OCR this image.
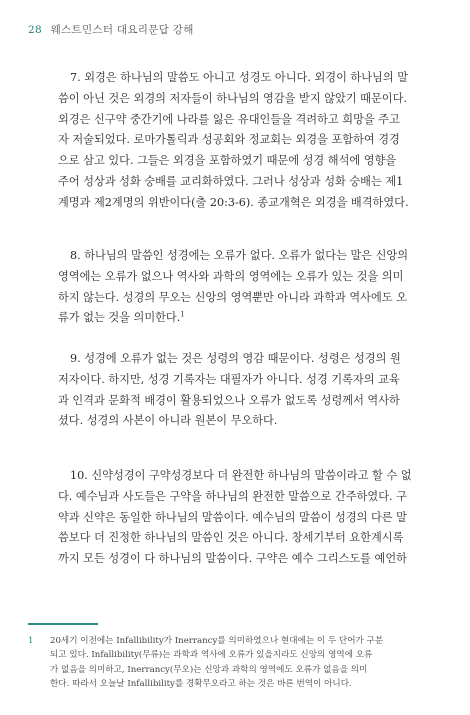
28 웨스트민스터 대요리문답 강해
7. 외경은 하나님의 말씀도 아니고 성경도 아니다. 외경이 하나님의 말
씀이 아닌 것은 외경의 저자들이 하나님의 영감을 받지 않았기 때문이다.
외경은 신구약 중간기에 나라를 잃은 유대인들을 격려하고 희망을 주고
자 저술되었다. 로마가톨릭과 성공회와 정교회는 외경을 포함하여 경경
으로 삼고 있다. 그들은 외경을 포함하였기 때문에 성경 해석에 영향을
주어 성상과 성화 숭배를 교리화하였다. 그러나 성상과 성화 숭배는 제1
계명과 제2계명의 위반이다(출 20:3-6). 종교개혁은 외경을 배격하였다.
8. 하나님의 말씀인 성경에는 오류가 없다. 오류가 없다는 말은 신앙의
영역에는 오류가 없으나 역사와 과학의 영역에는 오류가 있는 것을 의미
하지 않는다. 성경의 무오는 신앙의 영역뿐만 아니라 과학과 역사에도 오
류가 없는 것을 의미한다.$^1$
9. 성경에 오류가 없는 것은 성령의 영감 때문이다. 성령은 성경의 원
저자이다. 하지만, 성경 기록자는 대필자가 아니다. 성경 기록자의 교육
과 인격과 문화적 배경이 활용되었으나 오류가 없도록 성령께서 역사하
셨다. 성경의 사본이 아니라 원본이 무오하다.
10. 신약성경이 구약성경보다 더 완전한 하나님의 말씀이라고 할 수 없
다. 예수님과 사도들은 구약을 하나님의 완전한 말씀으로 간주하였다. 구
약과 신약은 동일한 하나님의 말씀이다. 예수님의 말씀이 성경의 다른 말
씀보다 더 진정한 하나님의 말씀인 것은 아니다. 창세기부터 요한계시록
까지 모든 성경이 다 하나님의 말씀이다. 구약은 예수 그리스도를 예언하
1 20세기 이전에는 Infallibility가 Inerrancy를 의미하였으나 현대에는 이 두 단어가 구분
되고 있다. Infallibility(무류)는 과학과 역사에 오류가 있을지라도 신앙의 영역에 오류
가 없음을 의미하고, Inerrancy(무오)는 신앙과 과학의 영역에도 오류가 없음을 의미
한다. 따라서 오늘날 Infallibility를 경확무오라고 하는 것은 바른 번역이 아니다.
